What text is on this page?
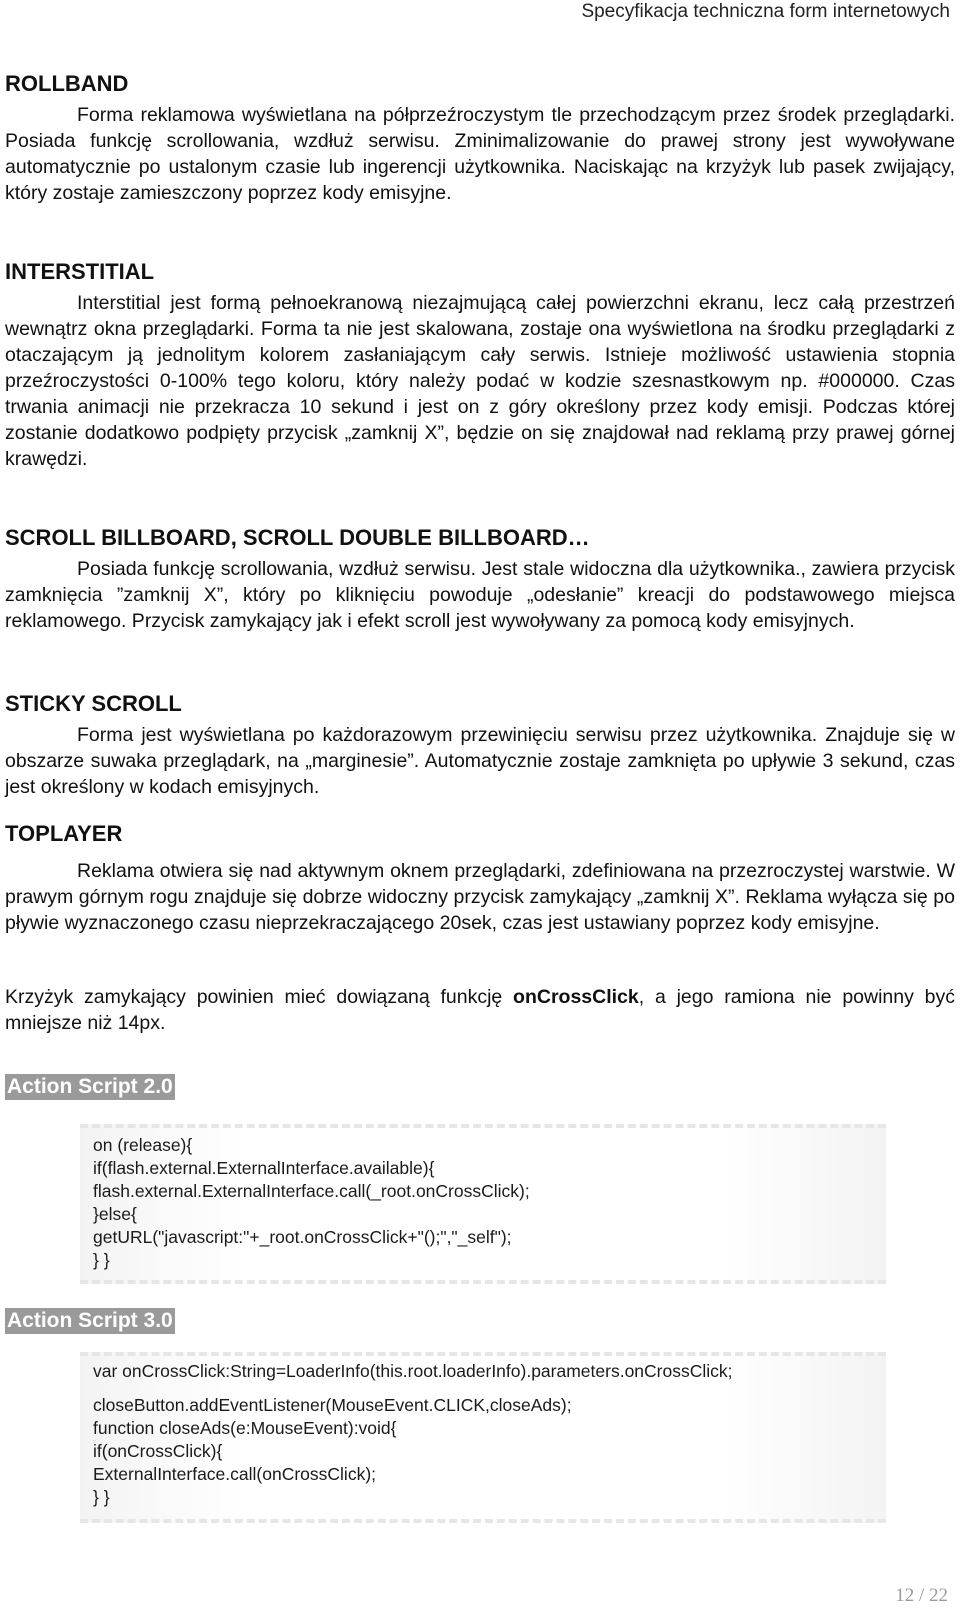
Specyfikacja techniczna form internetowych
ROLLBAND

Forma reklamowa wyświetlana na półprzeźroczystym tle przechodzącym przez środek przeglądarki. Posiada funkcję scrollowania, wzdłuż serwisu. Zminimalizowanie do prawej strony jest wywoływane automatycznie po ustalonym czasie lub ingerencji użytkownika. Naciskając na krzyżyk lub pasek zwijający, który zostaje zamieszczony poprzez kody emisyjne.

INTERSTITIAL

Interstitial jest formą pełnoekranową niezajmującą całej powierzchni ekranu, lecz całą przestrzeń wewnątrz okna przeglądarki. Forma ta nie jest skalowana, zostaje ona wyświetlona na środku przeglądarki z otaczającym ją jednolitym kolorem zasłaniającym cały serwis. Istnieje możliwość ustawienia stopnia przeźroczystości 0-100% tego koloru, który należy podać w kodzie szesnastkowym np. #000000. Czas trwania animacji nie przekracza 10 sekund i jest on z góry określony przez kody emisji. Podczas której zostanie dodatkowo podpięty przycisk „zamknij X”, będzie on się znajdował nad reklamą przy prawej górnej krawędzi.

SCROLL BILLBOARD, SCROLL DOUBLE BILLBOARD…

Posiada funkcję scrollowania, wzdłuż serwisu. Jest stale widoczna dla użytkownika., zawiera przycisk zamknięcia ”zamknij X”, który po kliknięciu powoduje „odesłanie” kreacji do podstawowego miejsca reklamowego. Przycisk zamykający jak i efekt scroll jest wywoływany za pomocą kody emisyjnych.

STICKY SCROLL

Forma jest wyświetlana po każdorazowym przewinięciu serwisu przez użytkownika. Znajduje się w obszarze suwaka przeglądark, na „marginesie”. Automatycznie zostaje zamknięta po upływie 3 sekund, czas jest określony w kodach emisyjnych.

TOPLAYER

Reklama otwiera się nad aktywnym oknem przeglądarki, zdefiniowana na przezroczystej warstwie. W prawym górnym rogu znajduje się dobrze widoczny przycisk zamykający „zamknij X”. Reklama wyłącza się po pływie wyznaczonego czasu nieprzekraczającego 20sek, czas jest ustawiany poprzez kody emisyjne.

Krzyżyk zamykający powinien mieć dowiązaną funkcję onCrossClick, a jego ramiona nie powinny być mniejsze niż 14px.

Action Script 2.0
on (release){
if(flash.external.ExternalInterface.available){
flash.external.ExternalInterface.call(_root.onCrossClick);
}else{
getURL("javascript:"+_root.onCrossClick+"();","_self");
} }
Action Script 3.0
var onCrossClick:String=LoaderInfo(this.root.loaderInfo).parameters.onCrossClick;
closeButton.addEventListener(MouseEvent.CLICK,closeAds);
function closeAds(e:MouseEvent):void{
if(onCrossClick){
ExternalInterface.call(onCrossClick);
} }
12 / 22
